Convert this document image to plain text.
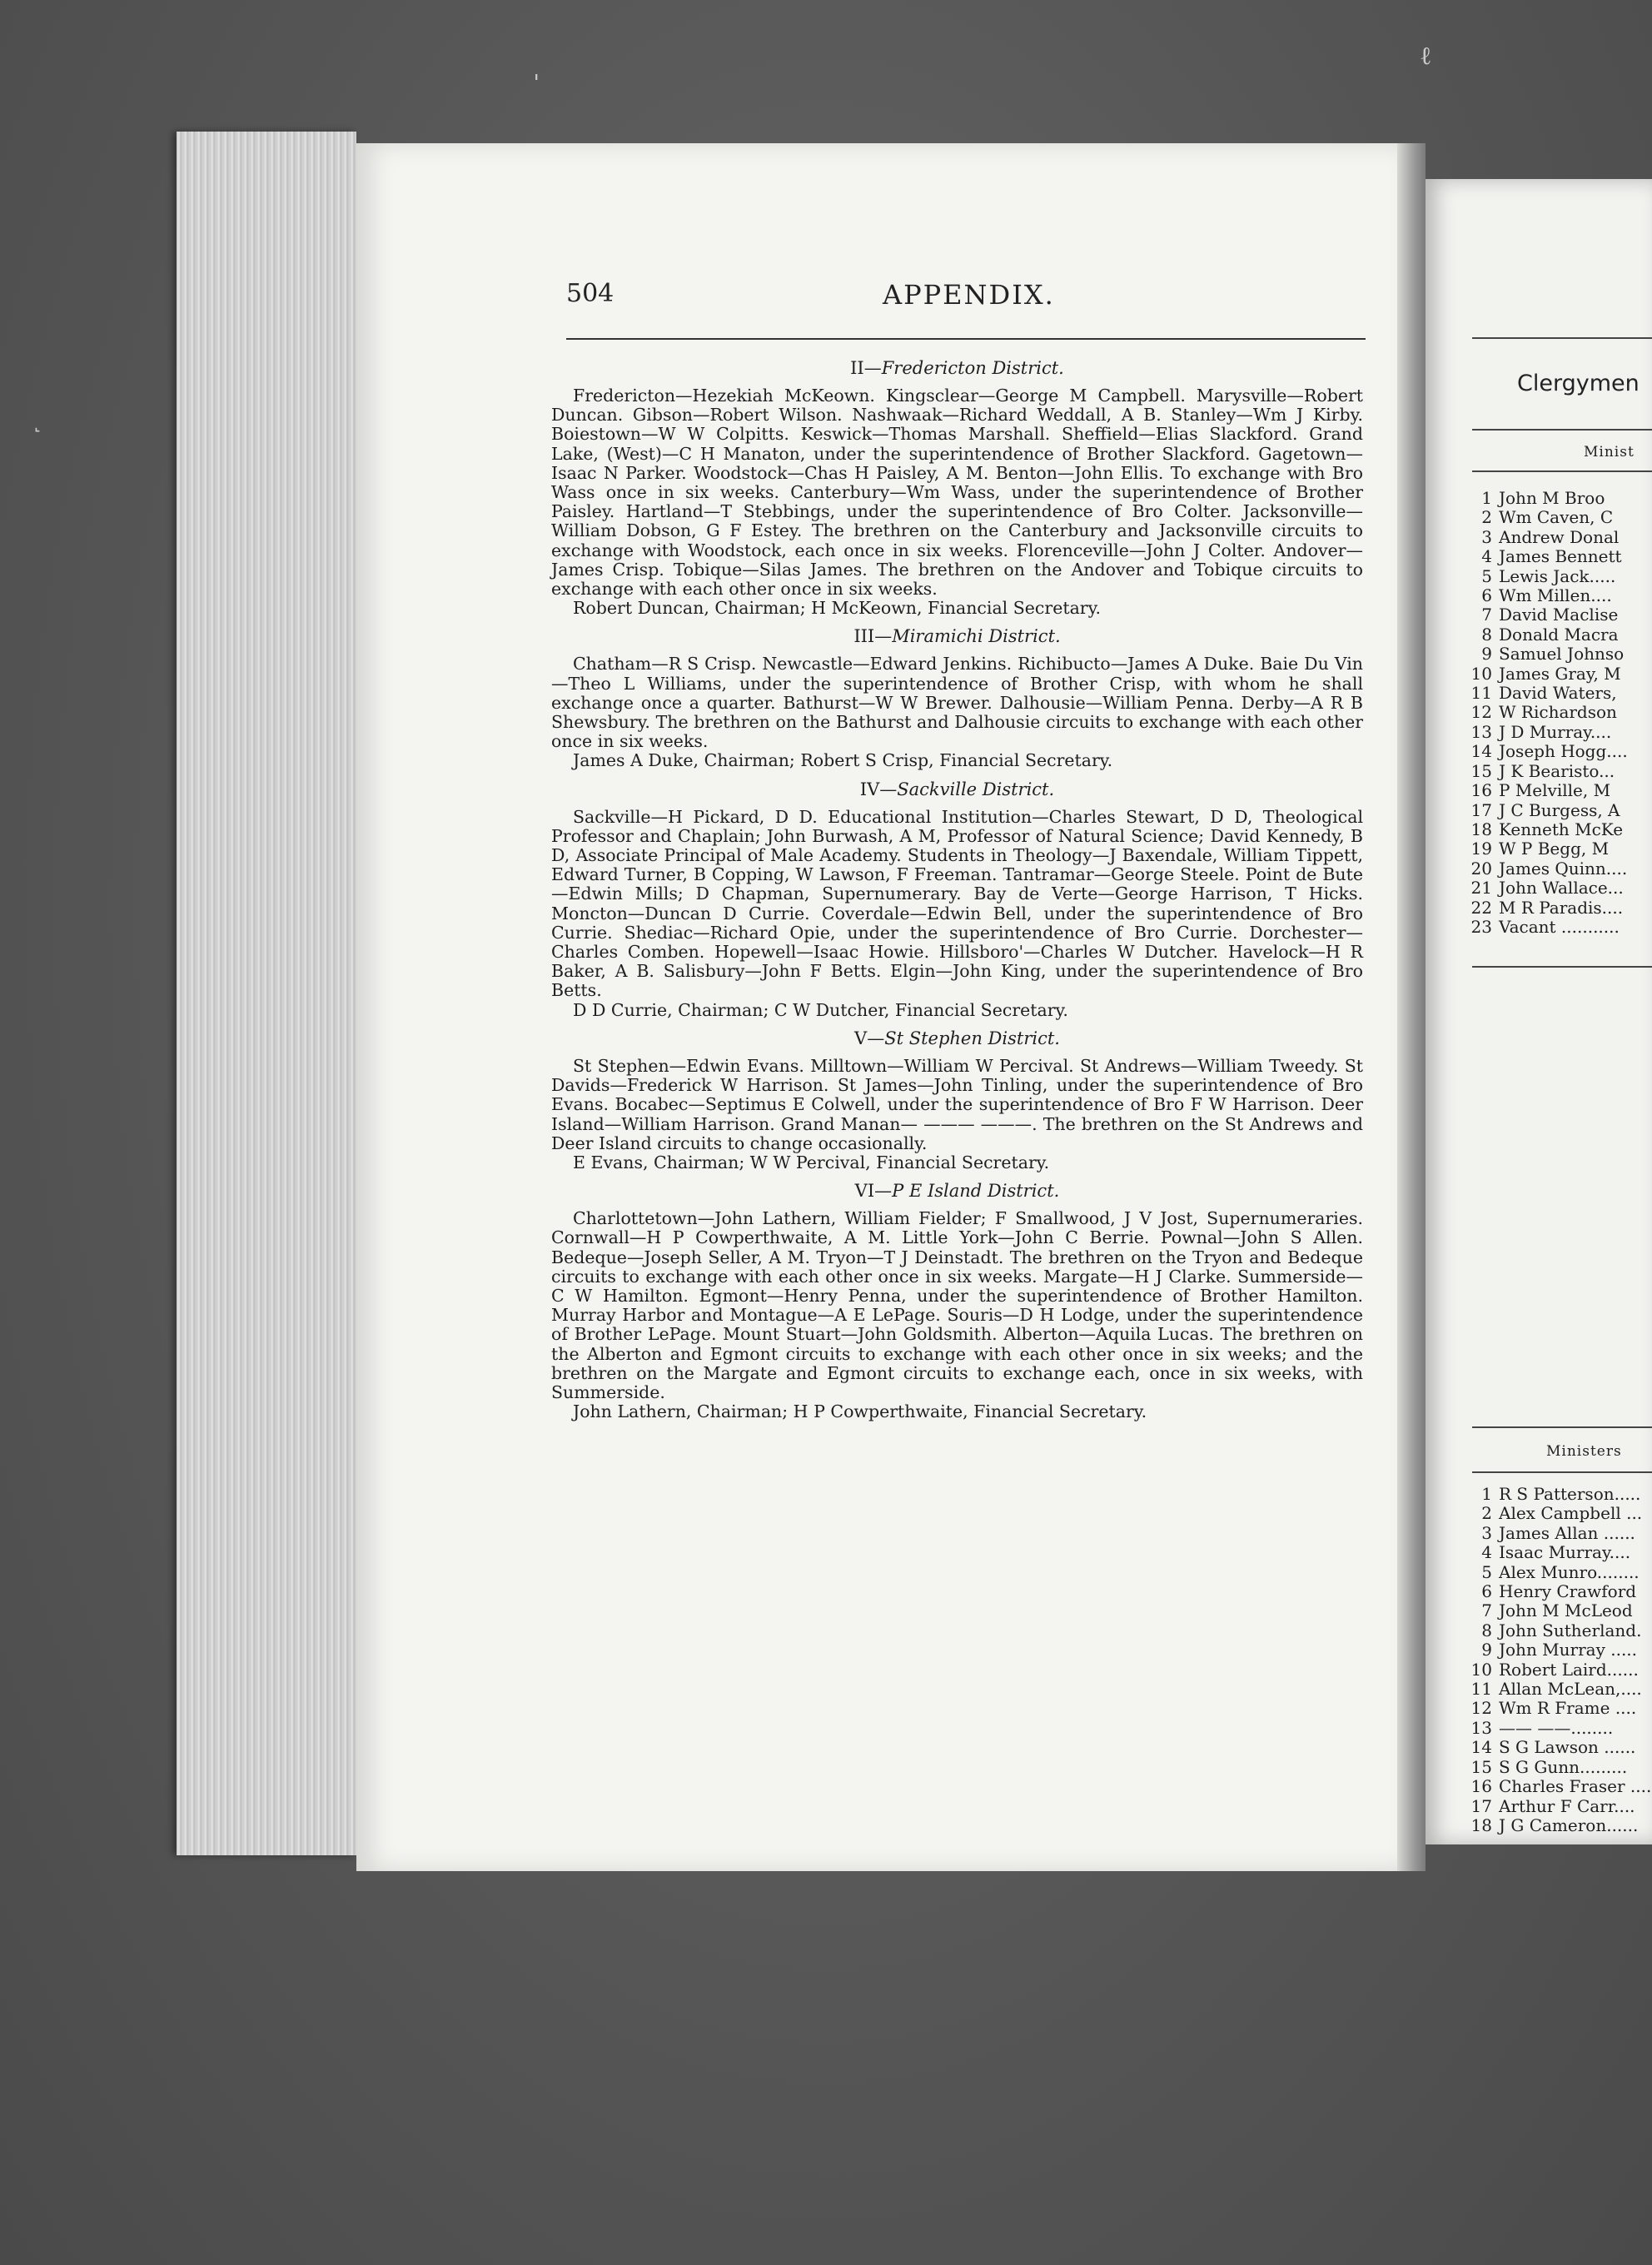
504	APPENDIX.
II—Fredericton District.

Fredericton—Hezekiah McKeown. Kingsclear—George M Campbell. Marysville—Robert Duncan. Gibson—Robert Wilson. Nashwaak—Richard Weddall, A B. Stanley—Wm J Kirby. Boiestown—W W Colpitts. Keswick—Thomas Marshall. Sheffield—Elias Slackford. Grand Lake, (West)—C H Manaton, under the superintendence of Brother Slackford. Gagetown—Isaac N Parker. Woodstock—Chas H Paisley, A M. Benton—John Ellis. To exchange with Bro Wass once in six weeks. Canterbury—Wm Wass, under the superintendence of Brother Paisley. Hartland—T Stebbings, under the superintendence of Bro Colter. Jacksonville—William Dobson, G F Estey. The brethren on the Canterbury and Jacksonville circuits to exchange with Woodstock, each once in six weeks. Florenceville—John J Colter. Andover—James Crisp. Tobique—Silas James. The brethren on the Andover and Tobique circuits to exchange with each other once in six weeks.

Robert Duncan, Chairman; H McKeown, Financial Secretary.

III—Miramichi District.

Chatham—R S Crisp. Newcastle—Edward Jenkins. Richibucto—James A Duke. Baie Du Vin—Theo L Williams, under the superintendence of Brother Crisp, with whom he shall exchange once a quarter. Bathurst—W W Brewer. Dalhousie—William Penna. Derby—A R B Shewsbury. The brethren on the Bathurst and Dalhousie circuits to exchange with each other once in six weeks.

James A Duke, Chairman; Robert S Crisp, Financial Secretary.

IV—Sackville District.

Sackville—H Pickard, D D. Educational Institution—Charles Stewart, D D, Theological Professor and Chaplain; John Burwash, A M, Professor of Natural Science; David Kennedy, B D, Associate Principal of Male Academy. Students in Theology—J Baxendale, William Tippett, Edward Turner, B Copping, W Lawson, F Freeman. Tantramar—George Steele. Point de Bute—Edwin Mills; D Chapman, Supernumerary. Bay de Verte—George Harrison, T Hicks. Moncton—Duncan D Currie. Coverdale—Edwin Bell, under the superintendence of Bro Currie. Shediac—Richard Opie, under the superintendence of Bro Currie. Dorchester—Charles Comben. Hopewell—Isaac Howie. Hillsboro'—Charles W Dutcher. Havelock—H R Baker, A B. Salisbury—John F Betts. Elgin—John King, under the superintendence of Bro Betts.

D D Currie, Chairman; C W Dutcher, Financial Secretary.

V—St Stephen District.

St Stephen—Edwin Evans. Milltown—William W Percival. St Andrews—William Tweedy. St Davids—Frederick W Harrison. St James—John Tinling, under the superintendence of Bro Evans. Bocabec—Septimus E Colwell, under the superintendence of Bro F W Harrison. Deer Island—William Harrison. Grand Manan— ——— ———. The brethren on the St Andrews and Deer Island circuits to change occasionally.

E Evans, Chairman; W W Percival, Financial Secretary.

VI—P E Island District.

Charlottetown—John Lathern, William Fielder; F Smallwood, J V Jost, Supernumeraries. Cornwall—H P Cowperthwaite, A M. Little York—John C Berrie. Pownal—John S Allen. Bedeque—Joseph Seller, A M. Tryon—T J Deinstadt. The brethren on the Tryon and Bedeque circuits to exchange with each other once in six weeks. Margate—H J Clarke. Summerside—C W Hamilton. Egmont—Henry Penna, under the superintendence of Brother Hamilton. Murray Harbor and Montague—A E LePage. Souris—D H Lodge, under the superintendence of Brother LePage. Mount Stuart—John Goldsmith. Alberton—Aquila Lucas. The brethren on the Alberton and Egmont circuits to exchange with each other once in six weeks; and the brethren on the Margate and Egmont circuits to exchange each, once in six weeks, with Summerside.

John Lathern, Chairman; H P Cowperthwaite, Financial Secretary.

Clergymen
Minist
1 John M Broo
2 Wm Caven, C
3 Andrew Donal
4 James Bennett
5 Lewis Jack.....
6 Wm Millen....
7 David Maclise
8 Donald Macra
9 Samuel Johnso
10 James Gray, M
11 David Waters,
12 W Richardson
13 J D Murray....
14 Joseph Hogg....
15 J K Bearisto...
16 P Melville, M
17 J C Burgess, A
18 Kenneth McKe
19 W P Begg, M
20 James Quinn....
21 John Wallace...
22 M R Paradis....
23 Vacant ...........
Ministers
1 R S Patterson.....
2 Alex Campbell ...
3 James Allan ......
4 Isaac Murray....
5 Alex Munro........
6 Henry Crawford
7 John M McLeod
8 John Sutherland.
9 John Murray .....
10 Robert Laird......
11 Allan McLean,....
12 Wm R Frame ....
13 —— ——........
14 S G Lawson ......
15 S G Gunn.........
16 Charles Fraser ....
17 Arthur F Carr....
18 J G Cameron......
ˈ
ℓ
˻
